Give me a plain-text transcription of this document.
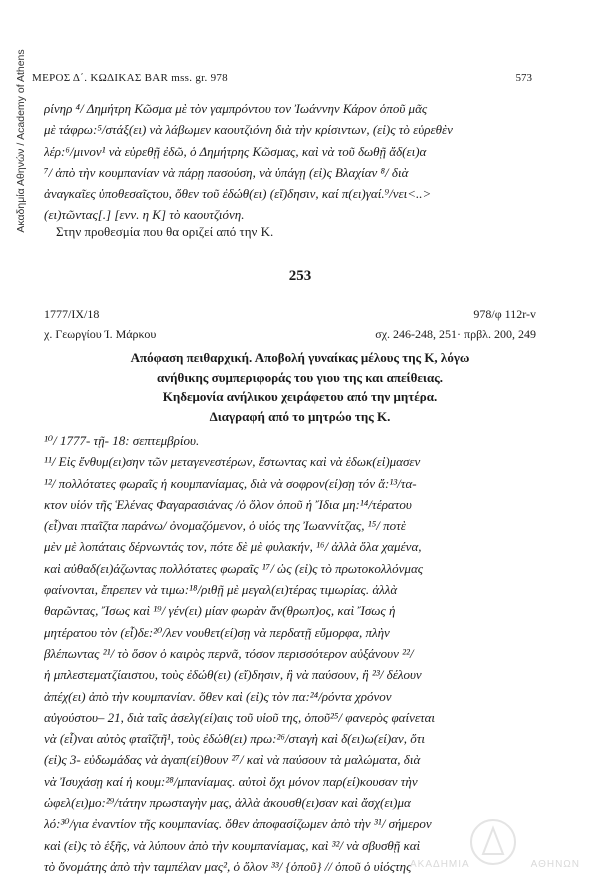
Ακαδημία Αθηνών / Academy of Athens ΜΕΡΟΣ Δ΄. ΚΩΔΙΚΑΣ BAR mss. gr. 978	573
ρίνηρ ⁴/ Δημήτρη Κῶσμα μὲ τὸν γαμπρόντου τον Ἰωάννην Κάρον ὁποῦ μᾶς
μὲ τάφρω:⁵/στάξ(ει) νὰ λάβωμεν καουτζιόνη διὰ τὴν κρίσιντων, (εἰ)ς τὸ εὑρεθὲν
λέρ:⁶/μινον¹ νὰ εὑρεθῇ ἐδῶ, ὁ Δημήτρης Κῶσμας, καὶ νὰ τοῦ δωθῇ ἄδ(ει)α
⁷/ ἀπὸ τὴν κουμπανίαν νὰ πάρῃ πασούση, νὰ ὑπάγῃ (εἰ)ς Βλαχίαν ⁸/ διὰ
ἀναγκαῖες ὑποθεσαῖςτου, ὅθεν τοῦ ἐδώθ(ει) (εἴ)δησιν, καί π(ει)γαί.⁹/νει<..>
(ει)τῶντας[.] [ενν. η Κ] τὸ καουτζιόνη.
Στην προθεσμία που θα οριζεί από την Κ.
253
1777/IX/18	978/φ 112r-v
χ. Γεωργίου Ί. Μάρκου	σχ. 246-248, 251· πρβλ. 200, 249
Απόφαση πειθαρχική. Αποβολή γυναίκας μέλους της Κ, λόγω
ανήθικης συμπεριφοράς του γιου της και απείθειας.
Κηδεμονία ανήλικου χειράφετου από την μητέρα.
Διαγραφή από το μητρώο της Κ.
¹⁰/ 1777- τῇ- 18: σεπτεμβρίου.
¹¹/ Εἰς ἔνθυμ(ει)σην τῶν μεταγενεστέρων, ἔστωντας καὶ νὰ ἐδωκ(εἰ)μασεν
¹²/ πολλότατες φωραῖς ἡ κουμπανίαμας, διὰ νὰ σοφρον(εί)σῃ τόν ἄ:¹³/τα-
κτον υἱόν τῆς Ἑλένας Φαγαρασιάνας /ὁ ὅλον ὁποῦ ἡ Ἴδια μη:¹⁴/τέρατου
(εἶ)ναι πταῖζτα παράνω/ ὀνομαζόμενον, ὁ υἱός της Ἰωαννίτζας, ¹⁵/ ποτὲ
μὲν μὲ λοπάταις δέρνωντάς τον, πότε δὲ μὲ φυλακήν, ¹⁶/ ἀλλὰ ὅλα χαμένα,
καὶ αὐθαδ(ει)άζωντας πολλότατες φωραῖς ¹⁷/ ὡς (εἰ)ς τὸ πρωτοκολλόνμας
φαίνονται, ἔπρεπεν νὰ τιμω:¹⁸/ριθῇ μὲ μεγαλ(ει)τέρας τιμωρίας. ἀλλὰ
θαρῶντας, Ἴσως καὶ ¹⁹/ γέν(ει) μίαν φωρὰν ἄν(θρωπ)ος, καὶ Ἴσως ἡ
μητέρατου τὸν (εἶ)δε:²⁰/λεν νουθετ(εί)σῃ νὰ περδατῇ εὔμορφα, πλὴν
βλέπωντας ²¹/ τὸ ὅσον ὁ καιρὸς περνᾶ, τόσον περισσότερον αὐξάνουν ²²/
ἡ μπλεστεματζίαιστου, τοὺς ἐδώθ(ει) (εἴ)δησιν, ἢ νὰ παύσουν, ἢ ²³/ δέλουν
ἀπέχ(ει) ἀπὸ τὴν κουμπανίαν. ὅθεν καὶ (εἰ)ς τὸν πα:²⁴/ρόντα χρόνον
αὐγούστου– 21, διὰ ταῖς ἀσελγ(εί)αις τοῦ υἱοῦ της, ὁποῦ²⁵/ φανερὸς φαίνεται
νὰ (εἶ)ναι αὐτὸς φταῖζτῆ¹, τοὺς ἐδώθ(ει) πρω:²⁶/σταγὴ καὶ δ(ει)ω(εί)αν, ὅτι
(εἰ)ς 3- εὐδωμάδας νὰ ἀγαπ(εί)θουν ²⁷/ καὶ νὰ παύσουν τὰ μαλώματα, διὰ
νὰ Ἰσυχάσῃ καί ἡ κουμ:²⁸/μπανίαμας. αὐτοὶ ὄχι μόνον παρ(εί)κουσαν τὴν
ὠφελ(ει)μο:²⁹/τάτην πρωσταγὴν μας, ἀλλὰ ἀκουσθ(ει)σαν καὶ ἄσχ(ει)μα
λό:³⁰/για ἐναντίον τῆς κουμπανίας. ὅθεν ἀποφασίζωμεν ἀπὸ τὴν ³¹/ σήμερον
καὶ (εἰ)ς τὸ ἑξῆς, νὰ λύπουν ἀπὸ τὴν κουμπανίαμας, καὶ ³²/ νὰ σβυσθῇ καὶ
τὸ ὄνομάτης ἀπὸ τὴν ταμπέλαν μας², ὁ ὅλον ³³/ {ὁποῦ} // ὁποῦ ὁ υἱόςτης
ΑΚΑΔΗΜΙΑ	ΑΘΗΝΩΝ
